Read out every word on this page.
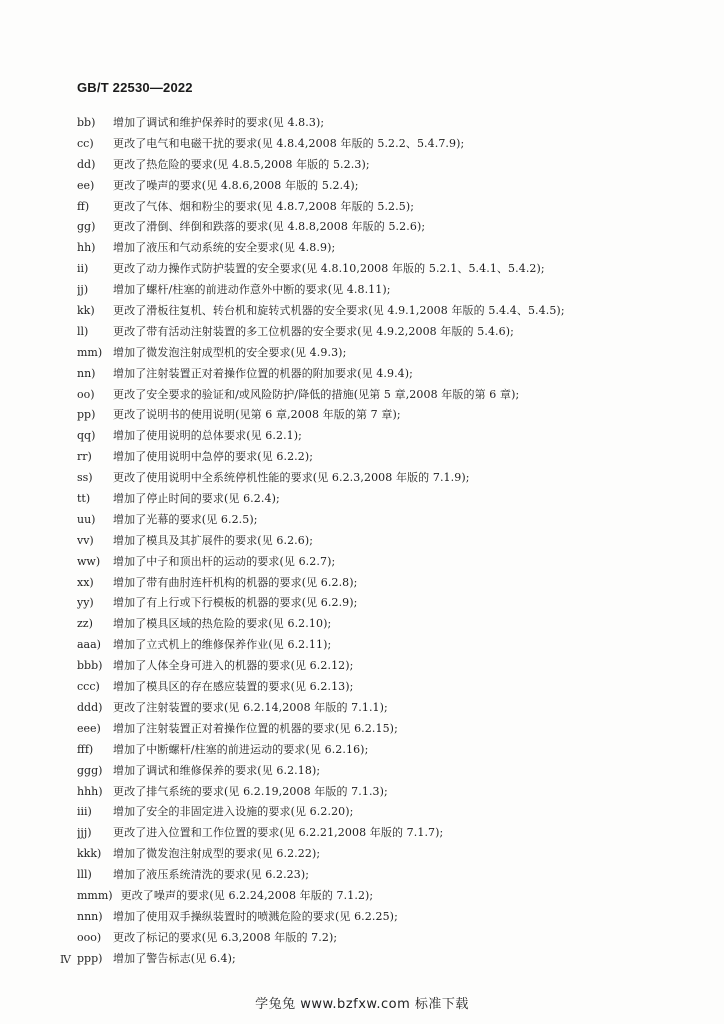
GB/T 22530—2022
bb)	增加了调试和维护保养时的要求(见 4.8.3);
cc)	更改了电气和电磁干扰的要求(见 4.8.4,2008 年版的 5.2.2、5.4.7.9);
dd)	更改了热危险的要求(见 4.8.5,2008 年版的 5.2.3);
ee)	更改了噪声的要求(见 4.8.6,2008 年版的 5.2.4);
ff)	更改了气体、烟和粉尘的要求(见 4.8.7,2008 年版的 5.2.5);
gg)	更改了滑倒、绊倒和跌落的要求(见 4.8.8,2008 年版的 5.2.6);
hh)	增加了液压和气动系统的安全要求(见 4.8.9);
ii)	更改了动力操作式防护装置的安全要求(见 4.8.10,2008 年版的 5.2.1、5.4.1、5.4.2);
jj)	增加了螺杆/柱塞的前进动作意外中断的要求(见 4.8.11);
kk)	更改了滑板往复机、转台机和旋转式机器的安全要求(见 4.9.1,2008 年版的 5.4.4、5.4.5);
ll)	更改了带有活动注射装置的多工位机器的安全要求(见 4.9.2,2008 年版的 5.4.6);
mm) 增加了微发泡注射成型机的安全要求(见 4.9.3);
nn)	增加了注射装置正对着操作位置的机器的附加要求(见 4.9.4);
oo)	更改了安全要求的验证和/或风险防护/降低的措施(见第 5 章,2008 年版的第 6 章);
pp)	更改了说明书的使用说明(见第 6 章,2008 年版的第 7 章);
qq)	增加了使用说明的总体要求(见 6.2.1);
rr)	增加了使用说明中急停的要求(见 6.2.2);
ss)	更改了使用说明中全系统停机性能的要求(见 6.2.3,2008 年版的 7.1.9);
tt)	增加了停止时间的要求(见 6.2.4);
uu)	增加了光幕的要求(见 6.2.5);
vv)	增加了模具及其扩展件的要求(见 6.2.6);
ww)	增加了中子和顶出杆的运动的要求(见 6.2.7);
xx)	增加了带有曲肘连杆机构的机器的要求(见 6.2.8);
yy)	增加了有上行或下行模板的机器的要求(见 6.2.9);
zz)	增加了模具区域的热危险的要求(见 6.2.10);
aaa)	增加了立式机上的维修保养作业(见 6.2.11);
bbb) 增加了人体全身可进入的机器的要求(见 6.2.12);
ccc)	增加了模具区的存在感应装置的要求(见 6.2.13);
ddd) 更改了注射装置的要求(见 6.2.14,2008 年版的 7.1.1);
eee)	增加了注射装置正对着操作位置的机器的要求(见 6.2.15);
fff)	增加了中断螺杆/柱塞的前进运动的要求(见 6.2.16);
ggg) 增加了调试和维修保养的要求(见 6.2.18);
hhh) 更改了排气系统的要求(见 6.2.19,2008 年版的 7.1.3);
iii)	增加了安全的非固定进入设施的要求(见 6.2.20);
jjj)	更改了进入位置和工作位置的要求(见 6.2.21,2008 年版的 7.1.7);
kkk)	增加了微发泡注射成型的要求(见 6.2.22);
lll)	增加了液压系统清洗的要求(见 6.2.23);
mmm) 更改了噪声的要求(见 6.2.24,2008 年版的 7.1.2);
nnn) 增加了使用双手操纵装置时的喷溅危险的要求(见 6.2.25);
ooo)	更改了标记的要求(见 6.3,2008 年版的 7.2);
ppp) 增加了警告标志(见 6.4);
Ⅳ
学兔兔 www.bzfxw.com 标准下载
